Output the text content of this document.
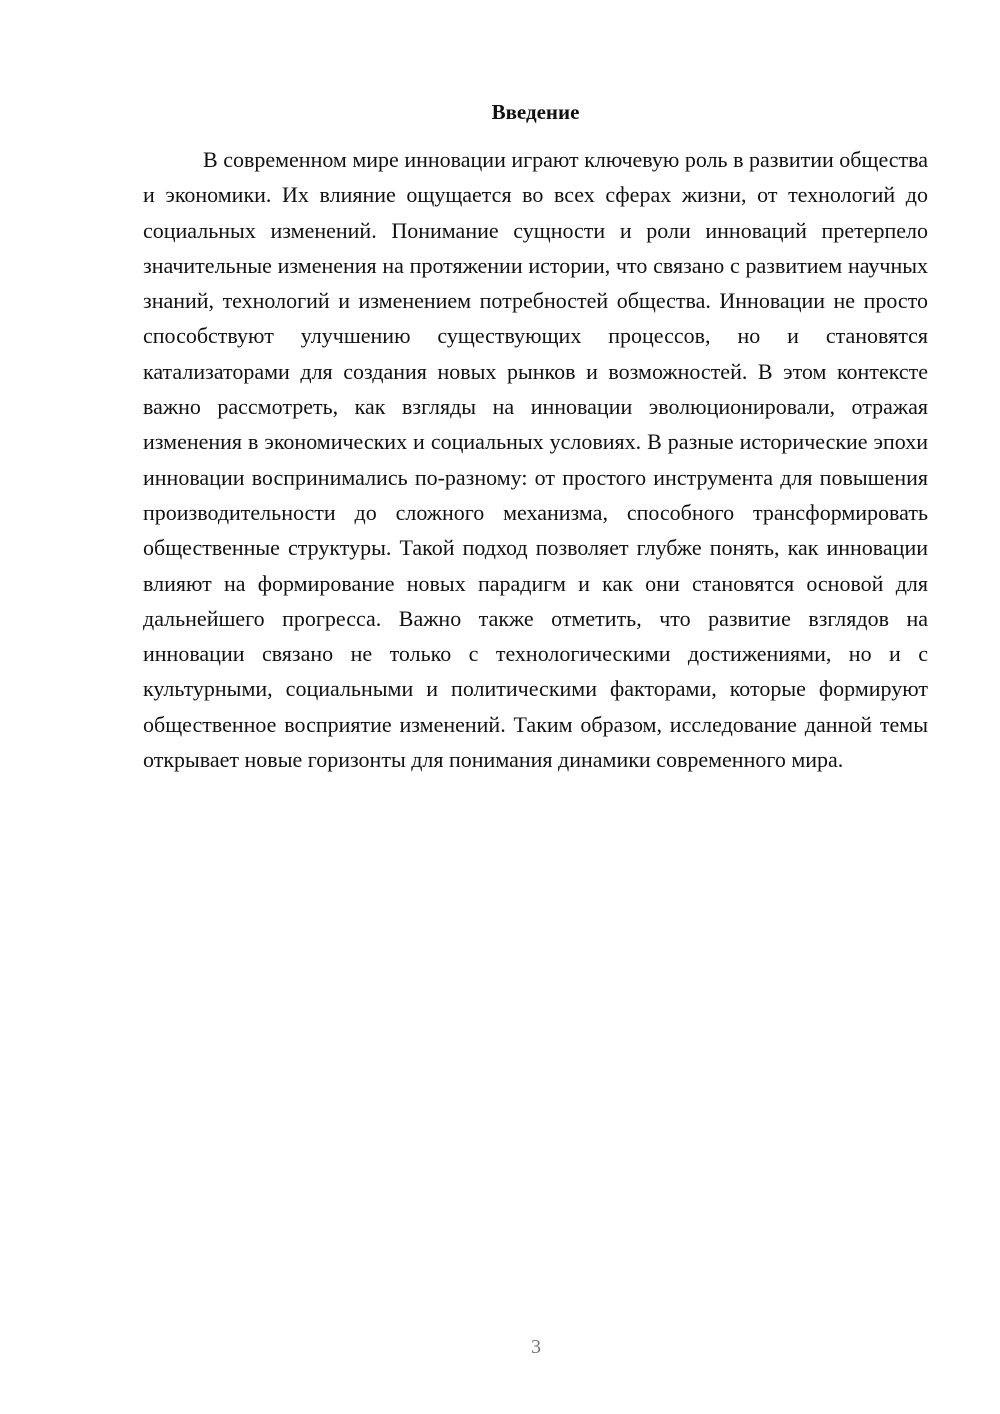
Введение

В современном мире инновации играют ключевую роль в развитии общества и экономики. Их влияние ощущается во всех сферах жизни, от технологий до социальных изменений. Понимание сущности и роли инноваций претерпело значительные изменения на протяжении истории, что связано с развитием научных знаний, технологий и изменением потребностей общества. Инновации не просто способствуют улучшению существующих процессов, но и становятся катализаторами для создания новых рынков и возможностей. В этом контексте важно рассмотреть, как взгляды на инновации эволюционировали, отражая изменения в экономических и социальных условиях. В разные исторические эпохи инновации воспринимались по-разному: от простого инструмента для повышения производительности до сложного механизма, способного трансформировать общественные структуры. Такой подход позволяет глубже понять, как инновации влияют на формирование новых парадигм и как они становятся основой для дальнейшего прогресса. Важно также отметить, что развитие взглядов на инновации связано не только с технологическими достижениями, но и с культурными, социальными и политическими факторами, которые формируют общественное восприятие изменений. Таким образом, исследование данной темы открывает новые горизонты для понимания динамики современного мира.

3
